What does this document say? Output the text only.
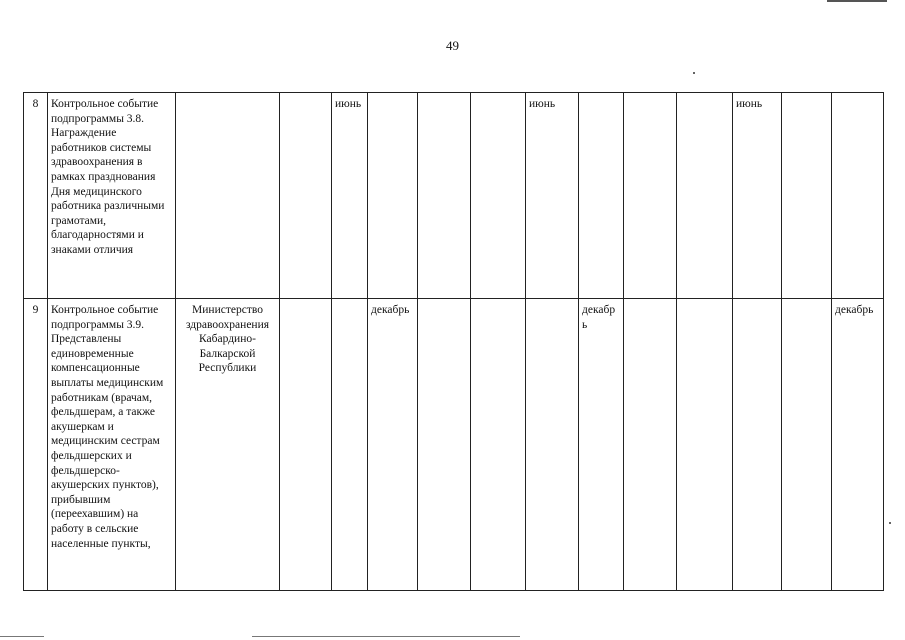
49
8	Контрольное событие подпрограммы 3.8. Награждение работников системы здравоохранения в рамках празднования Дня медицинского работника различными грамотами, благодарностями и знаками отличия			июнь				июнь				июнь		
9	Контрольное событие подпрограммы 3.9. Представлены единовременные компенсационные выплаты медицинским работникам (врачам, фельдшерам, а также акушеркам и медицинским сестрам фельдшерских и фельдшерско-акушерских пунктов), прибывшим (переехавшим) на работу в сельские населенные пункты,	Министерство здравоохранения Кабардино-Балкарской Республики			декабрь				декабрь					декабрь
